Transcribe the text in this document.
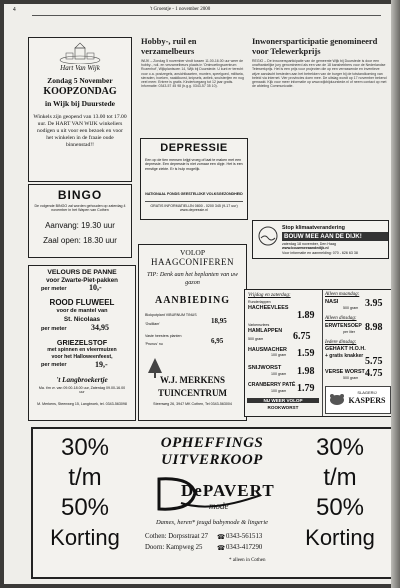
4	't Groentje - 1 november 2000
Hart Van Wijk
Zondag 5 November
KOOPZONDAG
in Wijk bij Duurstede
Winkels zijn geopend van 13.00 tot 17.00 uur. De HART VAN WIJK winkeliers nodigen u uit voor een bezoek en voor het winkelen in de fraaie oude binnenstad!!
BINGO
De volgende BINGO zal worden gehouden op zaterdag 4 november in het Wapen van Cothen
Aanvang: 19.30 uur
Zaal open: 18.30 uur
VELOURS DE PANNE
voor Zwarte-Piet-pakken
per meter	10,-
ROOD FLUWEEL
voor de mantel van
St. Nicolaas
per meter	34,95
GRIEZELSTOF
met spinnen en vleermuizen
voor het Halloweenfeest,
per meter	19,-
't Langbroekertje
Ma. t/m vr. van 09.00-18.00 uur, Zaterdag 09.00-16.00 uur
M. Merkens, Steenweg 15, Langbroek, tel. 0343-563098
Hobby-, ruil en
verzamelbeurs
WIJK – Zondag 5 november vindt tussen 11.00-16.00 uur weer de hobby-, ruil- en verzamelbeurs plaats in 'Ontmoetingscentrum Rozenhof', Wijkplantsoen 14, Wijk bij Duurstede. U kunt er terecht voor o.a. postzegels, ansichtkaarten, munten, speelgoed, militaria, sieraden, boeken, naaldkunst, knipsels, antiek, snuisterijen en nog veel meer. Entree is gratis. Kindertoegang tot 12 jaar gratis. Informatie: 0343-57 45 98 (b.g.g. 0343-57 35 10).
DEPRESSIE
Een op de tien mensen krijgt vroeg of laat te maken met een depressie. Een depressie is niet zomaar een dipje. Het is een ernstige ziekte. Er is hulp mogelijk.
NATIONAAL FONDS GEESTELIJKE VOLKSGEZONDHEID
GRATIS INFORMATIELIJN 0800 - 0200 345 (9-17 uur) www.depressie.nl
VOLOP
HAAGCONIFEREN
TIP: Denk aan het beplanten van uw gazon
AANBIEDING
Blokpotplant VIBURNUM TINUS
'Gwilliam'	18,95
Vaste heesters planten
'Prunus' nu	6,95
W.J. MERKENS
TUINCENTRUM
Steenweg 26, 3947 MK Cothen, Tel 0343-563004
Inwonersparticipatie genomineerd
voor Telewerkprijs
REGIO – De inwonersparticipatie van de gemeente Wijk bij Duurstede is door een onafhankelijke jury genomineerd als een van de 18 kanshebbers voor de Nederlandse Telewerkprijs. Het is een prijs voor projecten die op een verrassende en inventieve wijze aandacht besteden aan het betrekken van de burger bij de totstandkoming van beleid via internet. Vier provincies doen mee. De uitslag wordt op 17 november bekend gemaakt. Kijk voor meer informatie op www.wijkbijduurstede.nl of neem contact op met de afdeling Communicatie.
Stop klimaatverandering
BOUW MEE AAN DE DIJK!
zaterdag 18 november, Den Haag
www.bouwmeeaandedijk.nl
Voor informatie en aanmelding: 070 - 626 63 38
Vrijdag en zaterdag:
Runderlappen
HACHEEVLEES
1.89
Varkensvlees
HAMLAPPEN
500 gram	6.75
HAUSMACHER
100 gram 1.59
SNIJWORST
100 gram 1.98
CRANBERRY PATÉ
100 gram 1.79
NU WEER VOLOP
ROOKWORST
Alleen maandag:
NASI
500 gram 3.95
Alleen dinsdag:
ERWTENSOEP
per liter 8.98
Iedere dinsdag:
GEHAKT H.O.H.
+ gratis knakker 5.75
VERSE WORST
500 gram 4.75
SLAGERIJ
KASPERS
30%
t/m
50%
Korting
30%
t/m
50%
Korting
OPHEFFINGS
UITVERKOOP
DePAVERT
mode
Dames, heren* jeugd babymode & lingerie
Cothen: Dorpsstraat 27 ☎ 0343-561513
Doorn: Kampweg 25 ☎ 0343-417290
* alleen in Cothen
